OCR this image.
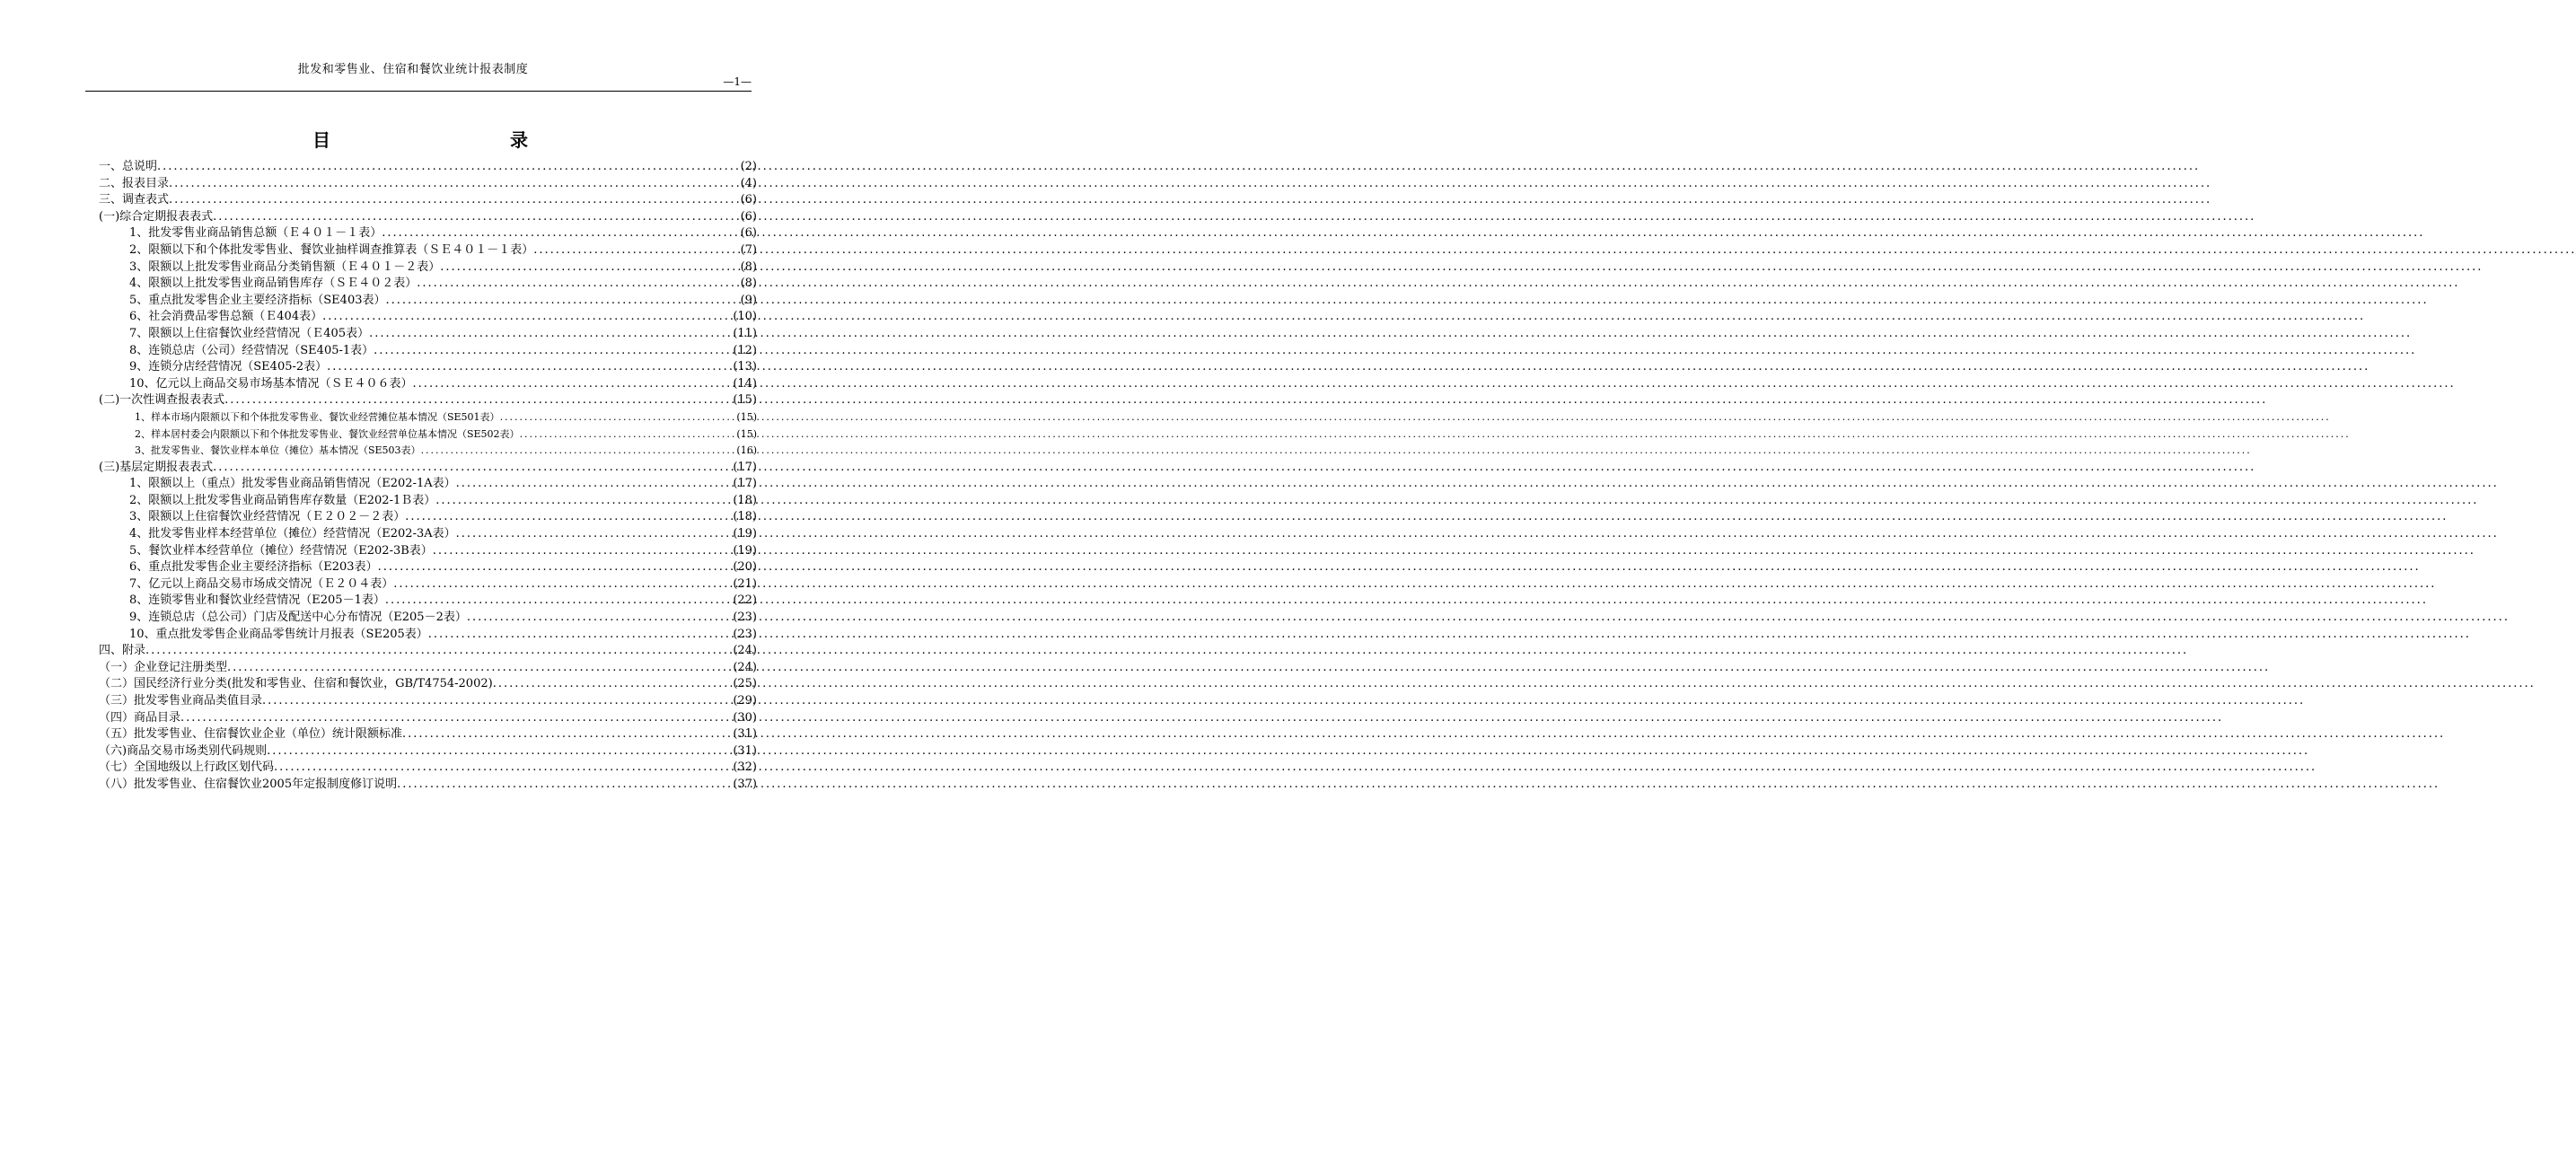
批发和零售业、住宿和餐饮业统计报表制度
—1—
目	录
一、总说明 .....	(2)
二、报表目录 .....	(4)
三、调查表式 .....	(6)
(一)综合定期报表表式 .....	(6)
1、批发零售业商品销售总额（Ｅ４０１－１表） .....	(6)
2、限额以下和个体批发零售业、餐饮业抽样调查推算表（ＳＥ４０１－１表） .....	(7)
3、限额以上批发零售业商品分类销售额（Ｅ４０１－２表） .....	(8)
4、限额以上批发零售业商品销售库存（ＳＥ４０２表） .....	(8)
5、重点批发零售企业主要经济指标（SE403表） .....	(9)
6、社会消费品零售总额（Ｅ404表） .....	(10)
7、限额以上住宿餐饮业经营情况（Ｅ405表） .....	(11)
8、连锁总店（公司）经营情况（SE405-1表） .....	(12)
9、连锁分店经营情况（SE405-2表） .....	(13)
10、亿元以上商品交易市场基本情况（ＳＥ４０６表） .....	(14)
(二)一次性调查报表表式 .....	(15)
1、样本市场内限额以下和个体批发零售业、餐饮业经营摊位基本情况（SE501表） .....	(15)
2、样本居村委会内限额以下和个体批发零售业、餐饮业经营单位基本情况（SE502表） .....	(15)
3、批发零售业、餐饮业样本单位（摊位）基本情况（SE503表） .....	(16)
(三)基层定期报表表式 .....	(17)
1、限额以上（重点）批发零售业商品销售情况（E202-1A表） .....	(17)
2、限额以上批发零售业商品销售库存数量（E202-1Ｂ表） .....	(18)
3、限额以上住宿餐饮业经营情况（Ｅ２０２－２表） .....	(18)
4、批发零售业样本经营单位（摊位）经营情况（E202-3A表） .....	(19)
5、餐饮业样本经营单位（摊位）经营情况（E202-3B表） .....	(19)
6、重点批发零售企业主要经济指标（E203表） .....	(20)
7、亿元以上商品交易市场成交情况（Ｅ２０４表） .....	(21)
8、连锁零售业和餐饮业经营情况（E205－1表） .....	(22)
9、连锁总店（总公司）门店及配送中心分布情况（E205－2表） .....	(23)
10、重点批发零售企业商品零售统计月报表（SE205表） .....	(23)
四、附录 .....	(24)
（一）企业登记注册类型 .....	(24)
（二）国民经济行业分类(批发和零售业、住宿和餐饮业，GB/T4754-2002) .....	(25)
（三）批发零售业商品类值目录 .....	(29)
（四）商品目录 .....	(30)
（五）批发零售业、住宿餐饮业企业（单位）统计限额标准 .....	(31)
（六)商品交易市场类别代码规则 .....	(31)
（七）全国地级以上行政区划代码 .....	(32)
（八）批发零售业、住宿餐饮业2005年定报制度修订说明 .....	(37)
